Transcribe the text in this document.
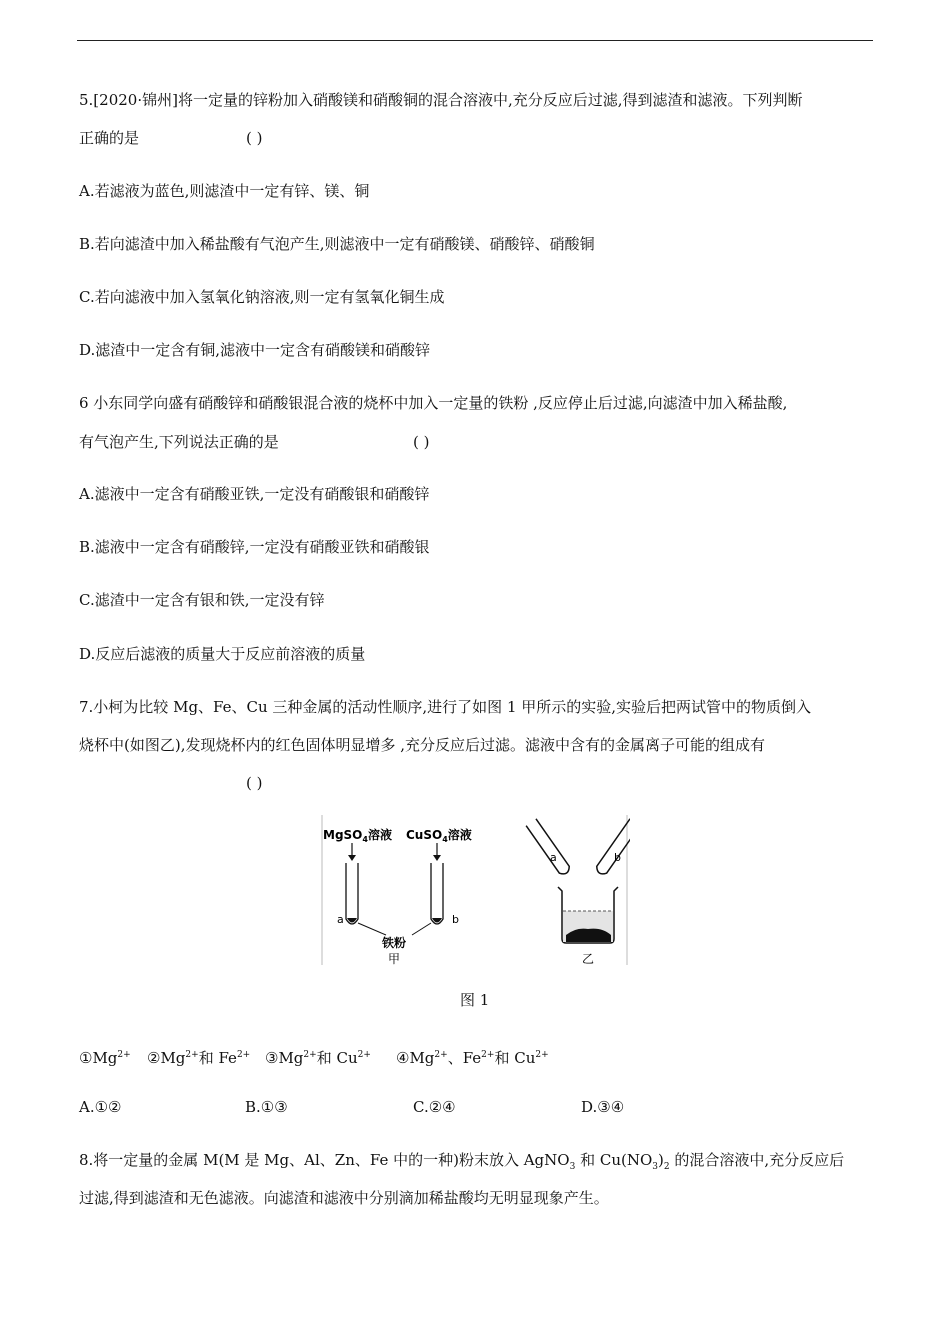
5.[2020·锦州]将一定量的锌粉加入硝酸镁和硝酸铜的混合溶液中,充分反应后过滤,得到滤渣和滤液。下列判断
正确的是	( )
A.若滤液为蓝色,则滤渣中一定有锌、镁、铜
B.若向滤渣中加入稀盐酸有气泡产生,则滤液中一定有硝酸镁、硝酸锌、硝酸铜
C.若向滤液中加入氢氧化钠溶液,则一定有氢氧化铜生成
D.滤渣中一定含有铜,滤液中一定含有硝酸镁和硝酸锌
6 小东同学向盛有硝酸锌和硝酸银混合液的烧杯中加入一定量的铁粉 ,反应停止后过滤,向滤渣中加入稀盐酸,
有气泡产生,下列说法正确的是	( )
A.滤液中一定含有硝酸亚铁,一定没有硝酸银和硝酸锌
B.滤液中一定含有硝酸锌,一定没有硝酸亚铁和硝酸银
C.滤渣中一定含有银和铁,一定没有锌
D.反应后滤液的质量大于反应前溶液的质量
7.小柯为比较 Mg、Fe、Cu 三种金属的活动性顺序,进行了如图 1 甲所示的实验,实验后把两试管中的物质倒入
烧杯中(如图乙),发现烧杯内的红色固体明显增多 ,充分反应后过滤。滤液中含有的金属离子可能的组成有
( )
MgSO$_4$溶液 CuSO$_4$溶液
a	b
铁粉
甲
a	b
乙
图 1
$①Mg^{2+}$ $②Mg^{2+}$和 $Fe^{2+}$ $③Mg^{2+}$和 $Cu^{2+}$ $④Mg^{2+}$、$Fe^{2+}$和 $Cu^{2+}$
A.①②	B.①③	C.②④	D.③④
8.将一定量的金属 M(M 是 Mg、Al、Zn、Fe 中的一种)粉末放入 AgNO$_3$ 和 $Cu(NO_3)_2$ 的混合溶液中,充分反应后
过滤,得到滤渣和无色滤液。向滤渣和滤液中分别滴加稀盐酸均无明显现象产生。
